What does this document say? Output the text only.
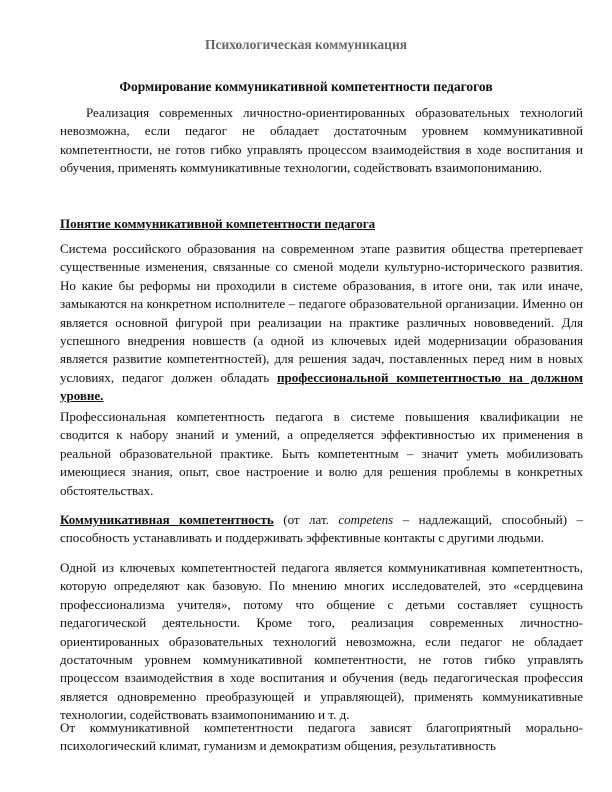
Психологическая коммуникация
Формирование коммуникативной компетентности педагогов
Реализация современных личностно-ориентированных образовательных технологий невозможна, если педагог не обладает достаточным уровнем коммуникативной компетентности, не готов гибко управлять процессом взаимодействия в ходе воспитания и обучения, применять коммуникативные технологии, содействовать взаимопониманию.
Понятие коммуникативной компетентности педагога
Система российского образования на современном этапе развития общества претерпевает существенные изменения, связанные со сменой модели культурно-исторического развития. Но какие бы реформы ни проходили в системе образования, в итоге они, так или иначе, замыкаются на конкретном исполнителе – педагоге образовательной организации. Именно он является основной фигурой при реализации на практике различных нововведений. Для успешного внедрения новшеств (а одной из ключевых идей модернизации образования является развитие компетентностей), для решения задач, поставленных перед ним в новых условиях, педагог должен обладать профессиональной компетентностью на должном уровне.
Профессиональная компетентность педагога в системе повышения квалификации не сводится к набору знаний и умений, а определяется эффективностью их применения в реальной образовательной практике. Быть компетентным – значит уметь мобилизовать имеющиеся знания, опыт, свое настроение и волю для решения проблемы в конкретных обстоятельствах.
Коммуникативная компетентность (от лат. competens – надлежащий, способный) – способность устанавливать и поддерживать эффективные контакты с другими людьми.
Одной из ключевых компетентностей педагога является коммуникативная компетентность, которую определяют как базовую. По мнению многих исследователей, это «сердцевина профессионализма учителя», потому что общение с детьми составляет сущность педагогической деятельности. Кроме того, реализация современных личностно-ориентированных образовательных технологий невозможна, если педагог не обладает достаточным уровнем коммуникативной компетентности, не готов гибко управлять процессом взаимодействия в ходе воспитания и обучения (ведь педагогическая профессия является одновременно преобразующей и управляющей), применять коммуникативные технологии, содействовать взаимопониманию и т. д.
От коммуникативной компетентности педагога зависят благоприятный морально-психологический климат, гуманизм и демократизм общения, результативность
